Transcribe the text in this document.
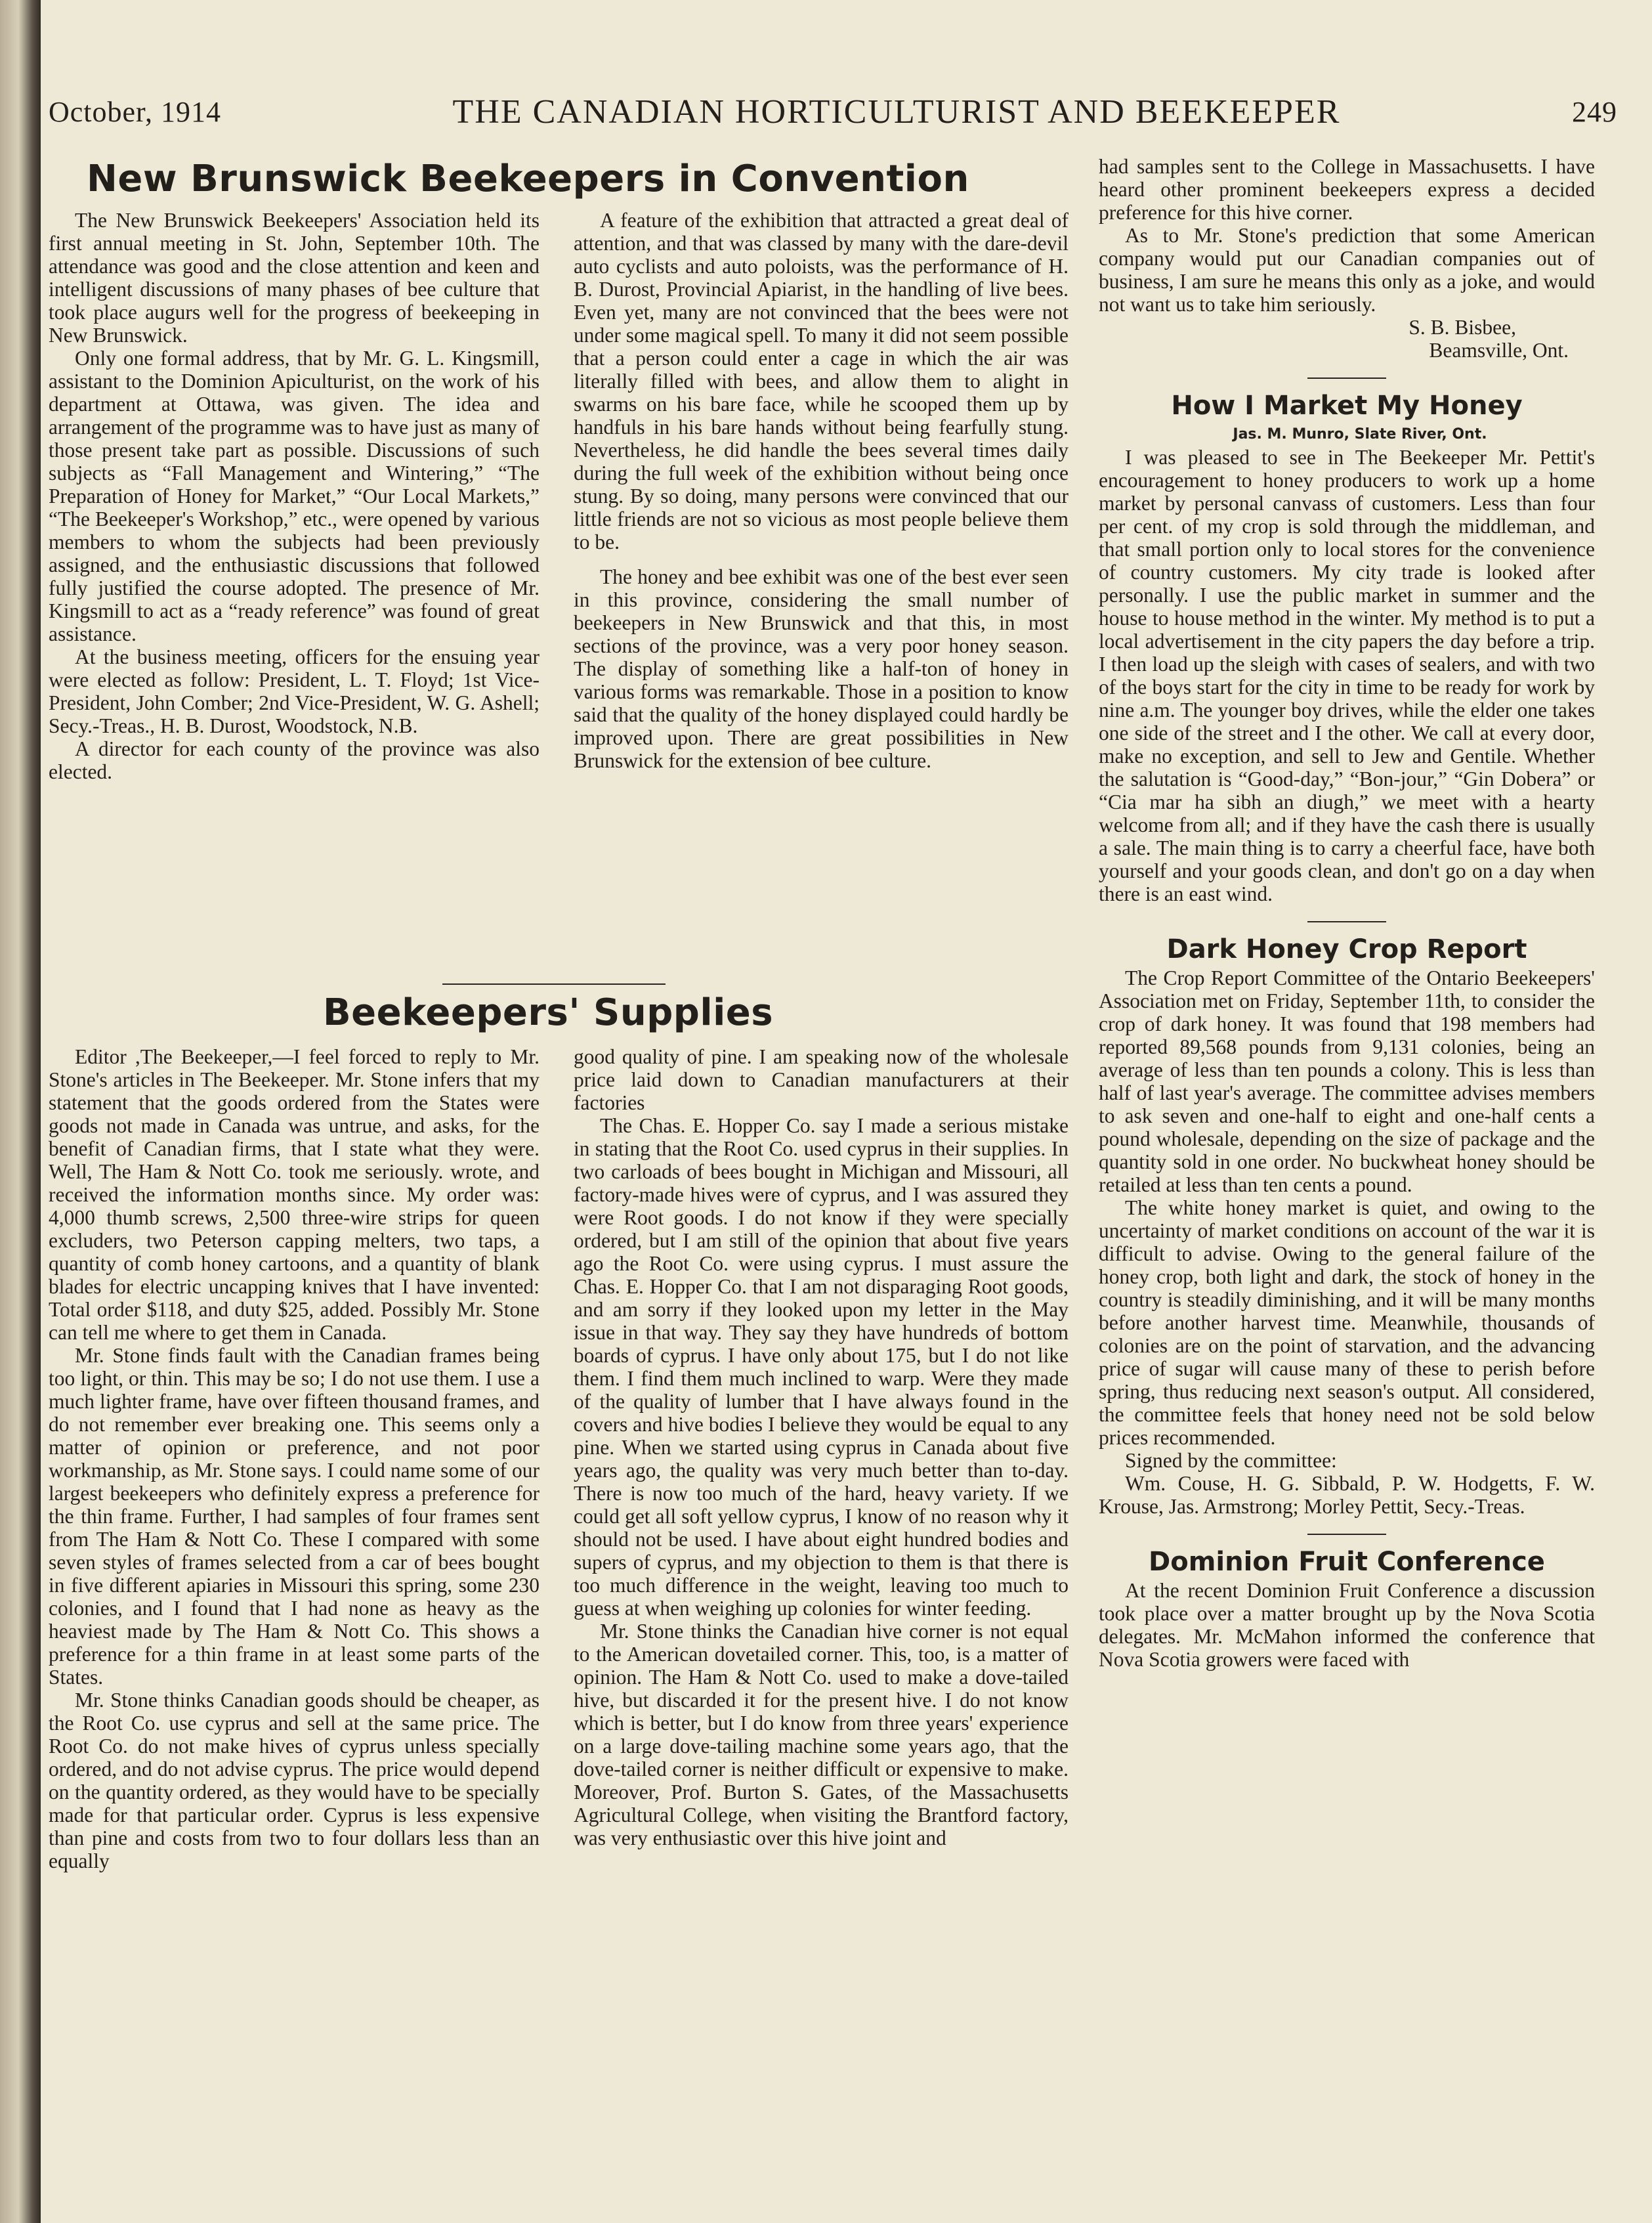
October, 1914	THE CANADIAN HORTICULTURIST AND BEEKEEPER	249
New Brunswick Beekeepers in Convention

The New Brunswick Beekeepers' Association held its first annual meeting in St. John, September 10th. The attendance was good and the close attention and keen and intelligent discussions of many phases of bee culture that took place augurs well for the progress of beekeeping in New Brunswick.

Only one formal address, that by Mr. G. L. Kingsmill, assistant to the Dominion Apiculturist, on the work of his department at Ottawa, was given. The idea and arrangement of the programme was to have just as many of those present take part as possible. Discussions of such subjects as “Fall Management and Wintering,” “The Preparation of Honey for Market,” “Our Local Markets,” “The Beekeeper's Workshop,” etc., were opened by various members to whom the subjects had been previously assigned, and the enthusiastic discussions that followed fully justified the course adopted. The presence of Mr. Kingsmill to act as a “ready reference” was found of great assistance.

At the business meeting, officers for the ensuing year were elected as follow: President, L. T. Floyd; 1st Vice-President, John Comber; 2nd Vice-President, W. G. Ashell; Secy.-Treas., H. B. Durost, Woodstock, N.B.

A director for each county of the province was also elected.

A feature of the exhibition that attracted a great deal of attention, and that was classed by many with the dare-devil auto cyclists and auto poloists, was the performance of H. B. Durost, Provincial Apiarist, in the handling of live bees. Even yet, many are not convinced that the bees were not under some magical spell. To many it did not seem possible that a person could enter a cage in which the air was literally filled with bees, and allow them to alight in swarms on his bare face, while he scooped them up by handfuls in his bare hands without being fearfully stung. Nevertheless, he did handle the bees several times daily during the full week of the exhibition without being once stung. By so doing, many persons were convinced that our little friends are not so vicious as most people believe them to be.

The honey and bee exhibit was one of the best ever seen in this province, considering the small number of beekeepers in New Brunswick and that this, in most sections of the province, was a very poor honey season. The display of something like a half-ton of honey in various forms was remarkable. Those in a position to know said that the quality of the honey displayed could hardly be improved upon. There are great possibilities in New Brunswick for the extension of bee culture.

Beekeepers' Supplies

Editor ,The Beekeeper,—I feel forced to reply to Mr. Stone's articles in The Beekeeper. Mr. Stone infers that my statement that the goods ordered from the States were goods not made in Canada was untrue, and asks, for the benefit of Canadian firms, that I state what they were. Well, The Ham & Nott Co. took me seriously. wrote, and received the information months since. My order was: 4,000 thumb screws, 2,500 three-wire strips for queen excluders, two Peterson capping melters, two taps, a quantity of comb honey cartoons, and a quantity of blank blades for electric uncapping knives that I have invented: Total order $118, and duty $25, added. Possibly Mr. Stone can tell me where to get them in Canada.

Mr. Stone finds fault with the Canadian frames being too light, or thin. This may be so; I do not use them. I use a much lighter frame, have over fifteen thousand frames, and do not remember ever breaking one. This seems only a matter of opinion or preference, and not poor workmanship, as Mr. Stone says. I could name some of our largest beekeepers who definitely express a preference for the thin frame. Further, I had samples of four frames sent from The Ham & Nott Co. These I compared with some seven styles of frames selected from a car of bees bought in five different apiaries in Missouri this spring, some 230 colonies, and I found that I had none as heavy as the heaviest made by The Ham & Nott Co. This shows a preference for a thin frame in at least some parts of the States.

Mr. Stone thinks Canadian goods should be cheaper, as the Root Co. use cyprus and sell at the same price. The Root Co. do not make hives of cyprus unless specially ordered, and do not advise cyprus. The price would depend on the quantity ordered, as they would have to be specially made for that particular order. Cyprus is less expensive than pine and costs from two to four dollars less than an equally

good quality of pine. I am speaking now of the wholesale price laid down to Canadian manufacturers at their factories

The Chas. E. Hopper Co. say I made a serious mistake in stating that the Root Co. used cyprus in their supplies. In two carloads of bees bought in Michigan and Missouri, all factory-made hives were of cyprus, and I was assured they were Root goods. I do not know if they were specially ordered, but I am still of the opinion that about five years ago the Root Co. were using cyprus. I must assure the Chas. E. Hopper Co. that I am not disparaging Root goods, and am sorry if they looked upon my letter in the May issue in that way. They say they have hundreds of bottom boards of cyprus. I have only about 175, but I do not like them. I find them much inclined to warp. Were they made of the quality of lumber that I have always found in the covers and hive bodies I believe they would be equal to any pine. When we started using cyprus in Canada about five years ago, the quality was very much better than to-day. There is now too much of the hard, heavy variety. If we could get all soft yellow cyprus, I know of no reason why it should not be used. I have about eight hundred bodies and supers of cyprus, and my objection to them is that there is too much difference in the weight, leaving too much to guess at when weighing up colonies for winter feeding.

Mr. Stone thinks the Canadian hive corner is not equal to the American dovetailed corner. This, too, is a matter of opinion. The Ham & Nott Co. used to make a dove-tailed hive, but discarded it for the present hive. I do not know which is better, but I do know from three years' experience on a large dove-tailing machine some years ago, that the dove-tailed corner is neither difficult or expensive to make. Moreover, Prof. Burton S. Gates, of the Massachusetts Agricultural College, when visiting the Brantford factory, was very enthusiastic over this hive joint and

had samples sent to the College in Massachusetts. I have heard other prominent beekeepers express a decided preference for this hive corner.

As to Mr. Stone's prediction that some American company would put our Canadian companies out of business, I am sure he means this only as a joke, and would not want us to take him seriously.

S. B. Bisbee,

Beamsville, Ont.

How I Market My Honey

Jas. M. Munro, Slate River, Ont.

I was pleased to see in The Beekeeper Mr. Pettit's encouragement to honey producers to work up a home market by personal canvass of customers. Less than four per cent. of my crop is sold through the middleman, and that small portion only to local stores for the convenience of country customers. My city trade is looked after personally. I use the public market in summer and the house to house method in the winter. My method is to put a local advertisement in the city papers the day before a trip. I then load up the sleigh with cases of sealers, and with two of the boys start for the city in time to be ready for work by nine a.m. The younger boy drives, while the elder one takes one side of the street and I the other. We call at every door, make no exception, and sell to Jew and Gentile. Whether the salutation is “Good-day,” “Bon-jour,” “Gin Dobera” or “Cia mar ha sibh an diugh,” we meet with a hearty welcome from all; and if they have the cash there is usually a sale. The main thing is to carry a cheerful face, have both yourself and your goods clean, and don't go on a day when there is an east wind.

Dark Honey Crop Report

The Crop Report Committee of the Ontario Beekeepers' Association met on Friday, September 11th, to consider the crop of dark honey. It was found that 198 members had reported 89,568 pounds from 9,131 colonies, being an average of less than ten pounds a colony. This is less than half of last year's average. The committee advises members to ask seven and one-half to eight and one-half cents a pound wholesale, depending on the size of package and the quantity sold in one order. No buckwheat honey should be retailed at less than ten cents a pound.

The white honey market is quiet, and owing to the uncertainty of market conditions on account of the war it is difficult to advise. Owing to the general failure of the honey crop, both light and dark, the stock of honey in the country is steadily diminishing, and it will be many months before another harvest time. Meanwhile, thousands of colonies are on the point of starvation, and the advancing price of sugar will cause many of these to perish before spring, thus reducing next season's output. All considered, the committee feels that honey need not be sold below prices recommended.

Signed by the committee:

Wm. Couse, H. G. Sibbald, P. W. Hodgetts, F. W. Krouse, Jas. Armstrong; Morley Pettit, Secy.-Treas.

Dominion Fruit Conference

At the recent Dominion Fruit Conference a discussion took place over a matter brought up by the Nova Scotia delegates. Mr. McMahon informed the conference that Nova Scotia growers were faced with
